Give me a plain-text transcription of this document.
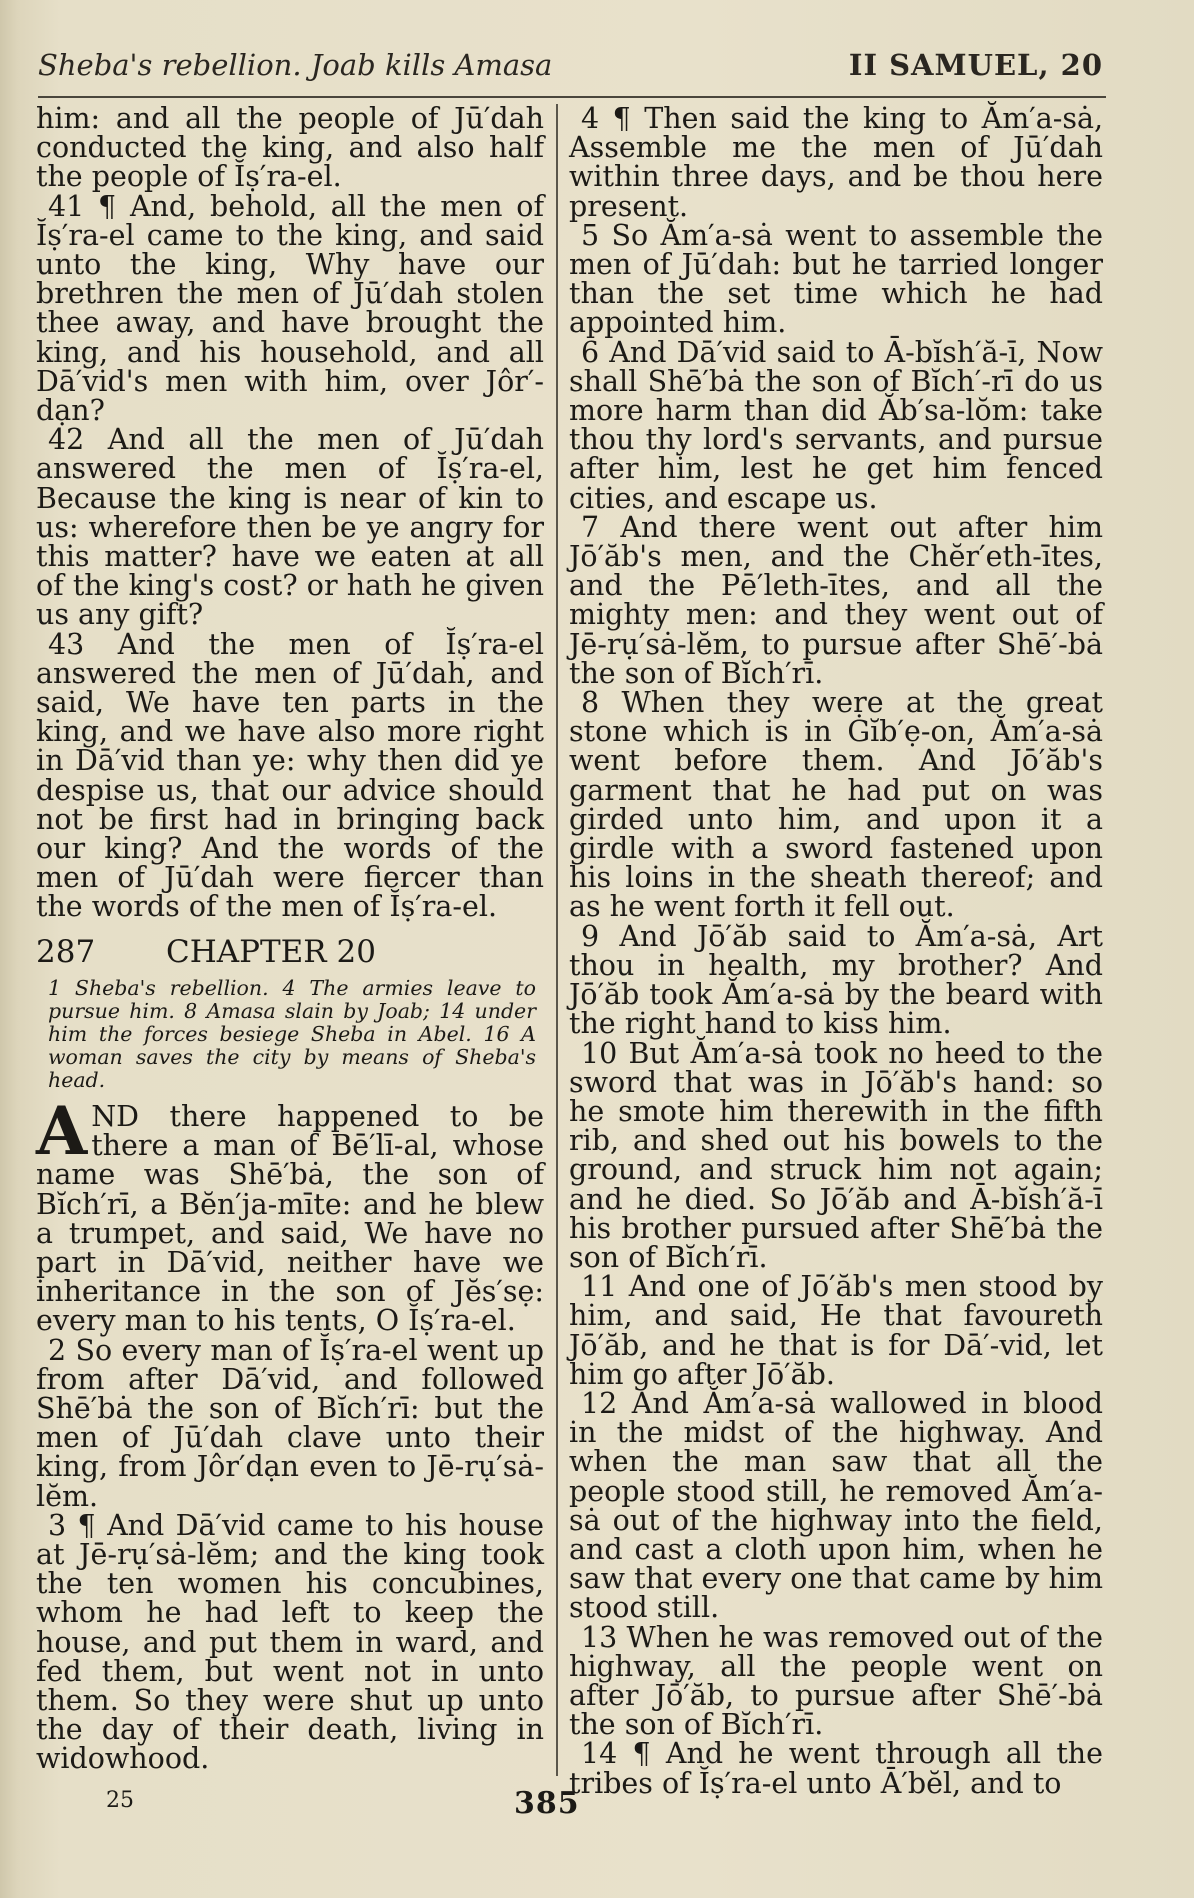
Sheba's rebellion. Joab kills Amasa	II SAMUEL, 20

him: and all the people of Jū′dah conducted the king, and also half the people of Ĭṣ′ra-el.

41 ¶ And, behold, all the men of Ĭṣ′ra-el came to the king, and said unto the king, Why have our brethren the men of Jū′dah stolen thee away, and have brought the king, and his household, and all Dā′vid's men with him, over Jôr′-dạn?

42 And all the men of Jū′dah answered the men of Ĭṣ′ra-el, Because the king is near of kin to us: wherefore then be ye angry for this matter? have we eaten at all of the king's cost? or hath he given us any gift?

43 And the men of Ĭṣ′ra-el answered the men of Jū′dah, and said, We have ten parts in the king, and we have also more right in Dā′vid than ye: why then did ye despise us, that our advice should not be first had in bringing back our king? And the words of the men of Jū′dah were fiercer than the words of the men of Ĭṣ′ra-el.

287	CHAPTER 20
1 Sheba's rebellion. 4 The armies leave to pursue him. 8 Amasa slain by Joab; 14 under him the forces besiege Sheba in Abel. 16 A woman saves the city by means of Sheba's head.

AND there happened to be there a man of Bē′lī-al, whose name was Shē′bȧ, the son of Bĭch′rī, a Bĕn′ja-mīte: and he blew a trumpet, and said, We have no part in Dā′vid, neither have we inheritance in the son of Jĕs′sẹ: every man to his tents, O Ĭṣ′ra-el.

2 So every man of Ĭṣ′ra-el went up from after Dā′vid, and followed Shē′bȧ the son of Bĭch′rī: but the men of Jū′dah clave unto their king, from Jôr′dạn even to Jē-rụ′sȧ-lĕm.

3 ¶ And Dā′vid came to his house at Jē-rụ′sȧ-lĕm; and the king took the ten women his concubines, whom he had left to keep the house, and put them in ward, and fed them, but went not in unto them. So they were shut up unto the day of their death, living in widowhood.

4 ¶ Then said the king to Ăm′a-sȧ, Assemble me the men of Jū′dah within three days, and be thou here present.

5 So Ăm′a-sȧ went to assemble the men of Jū′dah: but he tarried longer than the set time which he had appointed him.

6 And Dā′vid said to Ā-bĭsh′ă-ī, Now shall Shē′bȧ the son of Bĭch′-rī do us more harm than did Ăb′sa-lŏm: take thou thy lord's servants, and pursue after him, lest he get him fenced cities, and escape us.

7 And there went out after him Jō′ăb's men, and the Chĕr′eth-ītes, and the Pē′leth-ītes, and all the mighty men: and they went out of Jē-rụ′sȧ-lĕm, to pursue after Shē′-bȧ the son of Bĭch′rī.

8 When they were at the great stone which is in Ġĭb′ẹ-on, Ăm′a-sȧ went before them. And Jō′ăb's garment that he had put on was girded unto him, and upon it a girdle with a sword fastened upon his loins in the sheath thereof; and as he went forth it fell out.

9 And Jō′ăb said to Ăm′a-sȧ, Art thou in health, my brother? And Jō′ăb took Ăm′a-sȧ by the beard with the right hand to kiss him.

10 But Ăm′a-sȧ took no heed to the sword that was in Jō′ăb's hand: so he smote him therewith in the fifth rib, and shed out his bowels to the ground, and struck him not again; and he died. So Jō′ăb and Ā-bĭsh′ă-ī his brother pursued after Shē′bȧ the son of Bĭch′rī.

11 And one of Jō′ăb's men stood by him, and said, He that favoureth Jō′ăb, and he that is for Dā′-vid, let him go after Jō′ăb.

12 And Ăm′a-sȧ wallowed in blood in the midst of the highway. And when the man saw that all the people stood still, he removed Ăm′a-sȧ out of the highway into the field, and cast a cloth upon him, when he saw that every one that came by him stood still.

13 When he was removed out of the highway, all the people went on after Jō′ăb, to pursue after Shē′-bȧ the son of Bĭch′rī.

14 ¶ And he went through all the tribes of Ĭṣ′ra-el unto Ā′bĕl, and to

25	385
